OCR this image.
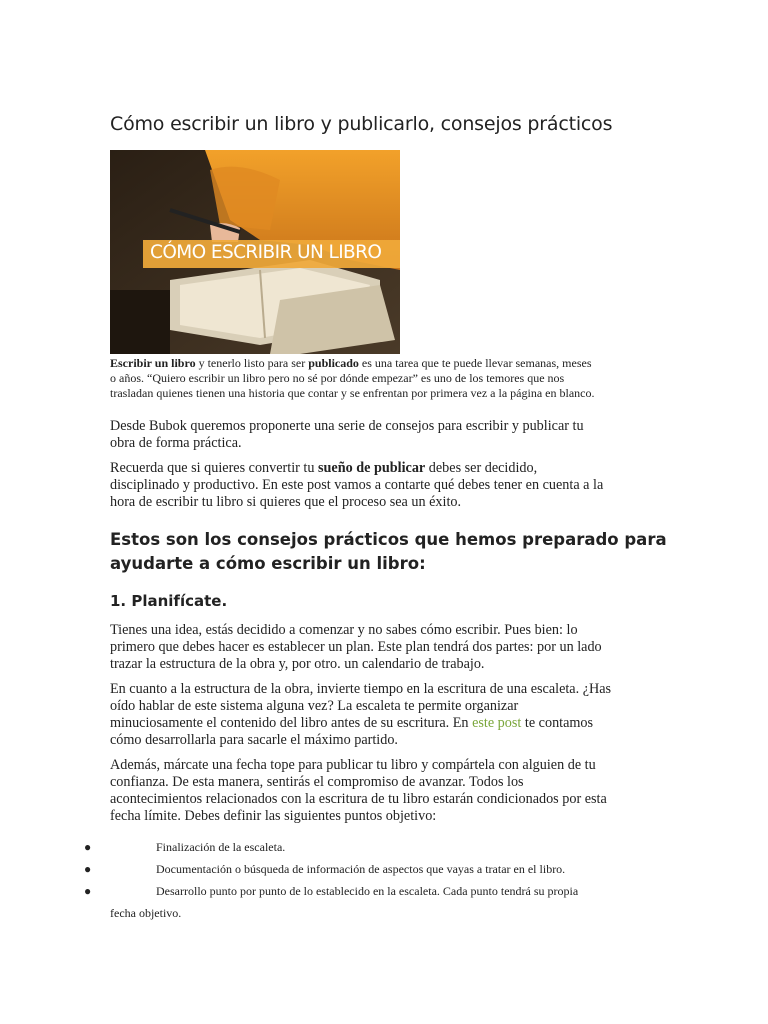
Cómo escribir un libro y publicarlo, consejos prácticos
CÓMO ESCRIBIR UN LIBRO

Escribir un libro y tenerlo listo para ser publicado es una tarea que te puede llevar semanas, meses
o años. “Quiero escribir un libro pero no sé por dónde empezar” es uno de los temores que nos
trasladan quienes tienen una historia que contar y se enfrentan por primera vez a la página en blanco.

Desde Bubok queremos proponerte una serie de consejos para escribir y publicar tu
obra de forma práctica.

Recuerda que si quieres convertir tu sueño de publicar debes ser decidido,
disciplinado y productivo. En este post vamos a contarte qué debes tener en cuenta a la
hora de escribir tu libro si quieres que el proceso sea un éxito.

Estos son los consejos prácticos que hemos preparado para
ayudarte a cómo escribir un libro:
1. Planifícate.

Tienes una idea, estás decidido a comenzar y no sabes cómo escribir. Pues bien: lo
primero que debes hacer es establecer un plan. Este plan tendrá dos partes: por un lado
trazar la estructura de la obra y, por otro. un calendario de trabajo.

En cuanto a la estructura de la obra, invierte tiempo en la escritura de una escaleta. ¿Has
oído hablar de este sistema alguna vez? La escaleta te permite organizar
minuciosamente el contenido del libro antes de su escritura. En este post te contamos
cómo desarrollarla para sacarle el máximo partido.

Además, márcate una fecha tope para publicar tu libro y compártela con alguien de tu
confianza. De esta manera, sentirás el compromiso de avanzar. Todos los
acontecimientos relacionados con la escritura de tu libro estarán condicionados por esta
fecha límite. Debes definir las siguientes puntos objetivo:

●	Finalización de la escaleta.

●	Documentación o búsqueda de información de aspectos que vayas a tratar en el libro.

●	Desarrollo punto por punto de lo establecido en la escaleta. Cada punto tendrá su propia

fecha objetivo.
